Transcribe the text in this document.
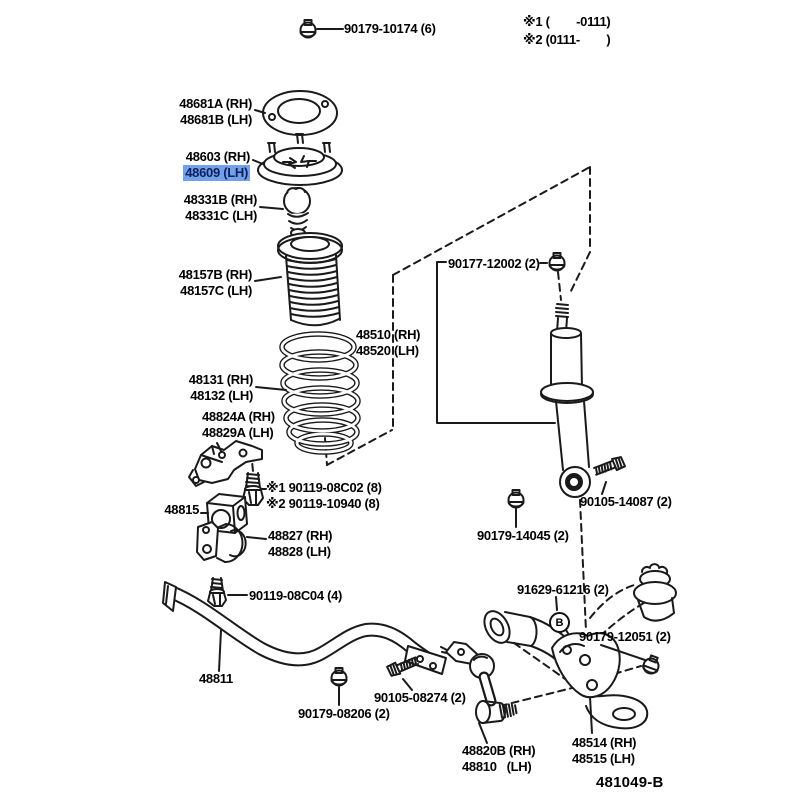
90179-10174 (6)	※1 (        -0111)
※2 (0111-        )
48681A (RH)
48681B (LH)
48603 (RH)
48609 (LH)
48331B (RH)
48331C (LH)
48157B (RH)
48157C (LH)
48510 (RH)
48520 (LH)
48131 (RH)
48132 (LH)
48824A (RH)
48829A (LH)
90177-12002 (2)
※1 90119-08C02 (8)
※2 90119-10940 (8)
48815
48827 (RH)
48828 (LH)
90119-08C04 (4)
48811
90179-08206 (2)
90105-08274 (2)
90179-14045 (2)
90105-14087 (2)
91629-61216 (2)
90179-12051 (2)
48820B (RH)
48810   (LH)
48514 (RH)
48515 (LH)
B
481049-B
